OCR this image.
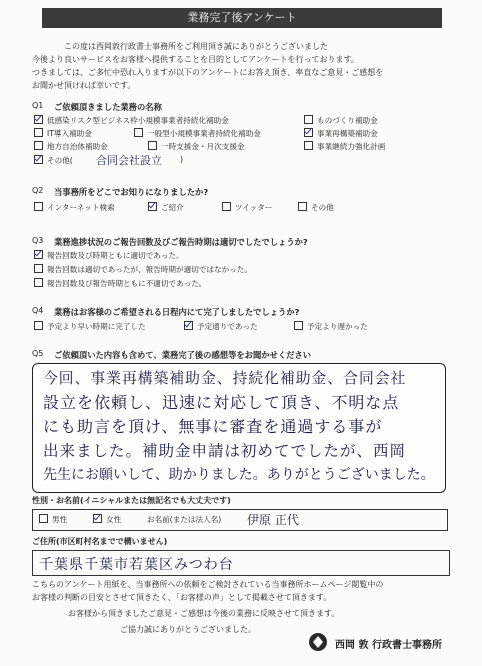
業務完了後アンケート
この度は西岡敦行政書士事務所をご利用頂き誠にありがとうございました
今後より良いサービスをお客様へ提供することを目的としてアンケートを行っております。
つきましては、ご多忙中恐れ入りますが以下のアンケートにお答え頂き、率直なご意見・ご感想を
お聞かせ頂ければ幸いです。
Q1 ご依頼頂きました業務の名称
低感染リスク型ビジネス枠小規模事業者持続化補助金	ものづくり補助金
IT導入補助金	一般型小規模事業者持続化補助金	事業再構築補助金
地方自治体補助金	一時支援金・月次支援金	事業継続力強化計画
その他( 合同会社設立 )
Q2 当事務所をどこでお知りになりましたか?
インターネット検索	ご紹介	ツイッター	その他
Q3 業務進捗状況のご報告回数及びご報告時期は適切でしたでしょうか?
報告回数及び時期ともに適切であった。
報告回数は適切であったが、報告時期が適切ではなかった。
報告回数及び報告時期ともに不適切であった。
Q4 業務はお客様のご希望される日程内にて完了しましたでしょうか?
予定より早い時期に完了した	予定通りであった	予定より遅かった
Q5 ご依頼頂いた内容も含めて、業務完了後の感想等をお聞かせください
今回、事業再構築補助金、持続化補助金、合同会社
設立を依頼し、迅速に対応して頂き、不明な点
にも助言を頂け、無事に審査を通過する事が
出来ました。補助金申請は初めてでしたが、西岡
先生にお願いして、助かりました。ありがとうございました。
性別・お名前(イニシャルまたは無記名でも大丈夫です)
男性	女性	お名前(または法人名) 伊原 正代
ご住所(市区町村名までで構いません)
千葉県千葉市若葉区みつわ台
こちらのアンケート用紙を、当事務所への依頼をご検討されている当事務所ホームページ閲覧中の
お客様の判断の目安とさせて頂きたく、「お客様の声」として掲載させて頂きます。
お客様から頂きましたご意見・ご感想は今後の業務に反映させて頂きます。
ご協力誠にありがとうございました。
西岡 敦 行政書士事務所
